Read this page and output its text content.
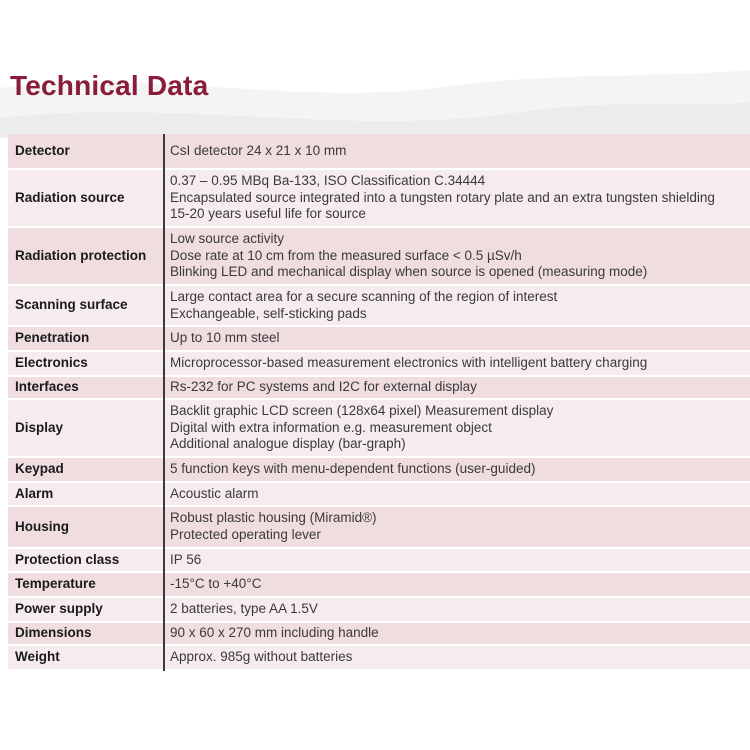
Technical Data
Detector	CsI detector 24 x 21 x 10 mm

Radiation source	0.37 – 0.95 MBq Ba-133, ISO Classification C.34444
Encapsulated source integrated into a tungsten rotary plate and an extra tungsten shielding
15-20 years useful life for source

Radiation protection	Low source activity
Dose rate at 10 cm from the measured surface < 0.5 µSv/h
Blinking LED and mechanical display when source is opened (measuring mode)

Scanning surface	Large contact area for a secure scanning of the region of interest
Exchangeable, self-sticking pads

Penetration	Up to 10 mm steel

Electronics	Microprocessor-based measurement electronics with intelligent battery charging

Interfaces	Rs-232 for PC systems and I2C for external display

Display	Backlit graphic LCD screen (128x64 pixel) Measurement display
Digital with extra information e.g. measurement object
Additional analogue display (bar-graph)

Keypad	5 function keys with menu-dependent functions (user-guided)

Alarm	Acoustic alarm

Housing	Robust plastic housing (Miramid®)
Protected operating lever

Protection class	IP 56

Temperature	-15°C to +40°C

Power supply	2 batteries, type AA 1.5V

Dimensions	90 x 60 x 270 mm including handle

Weight	Approx. 985g without batteries
